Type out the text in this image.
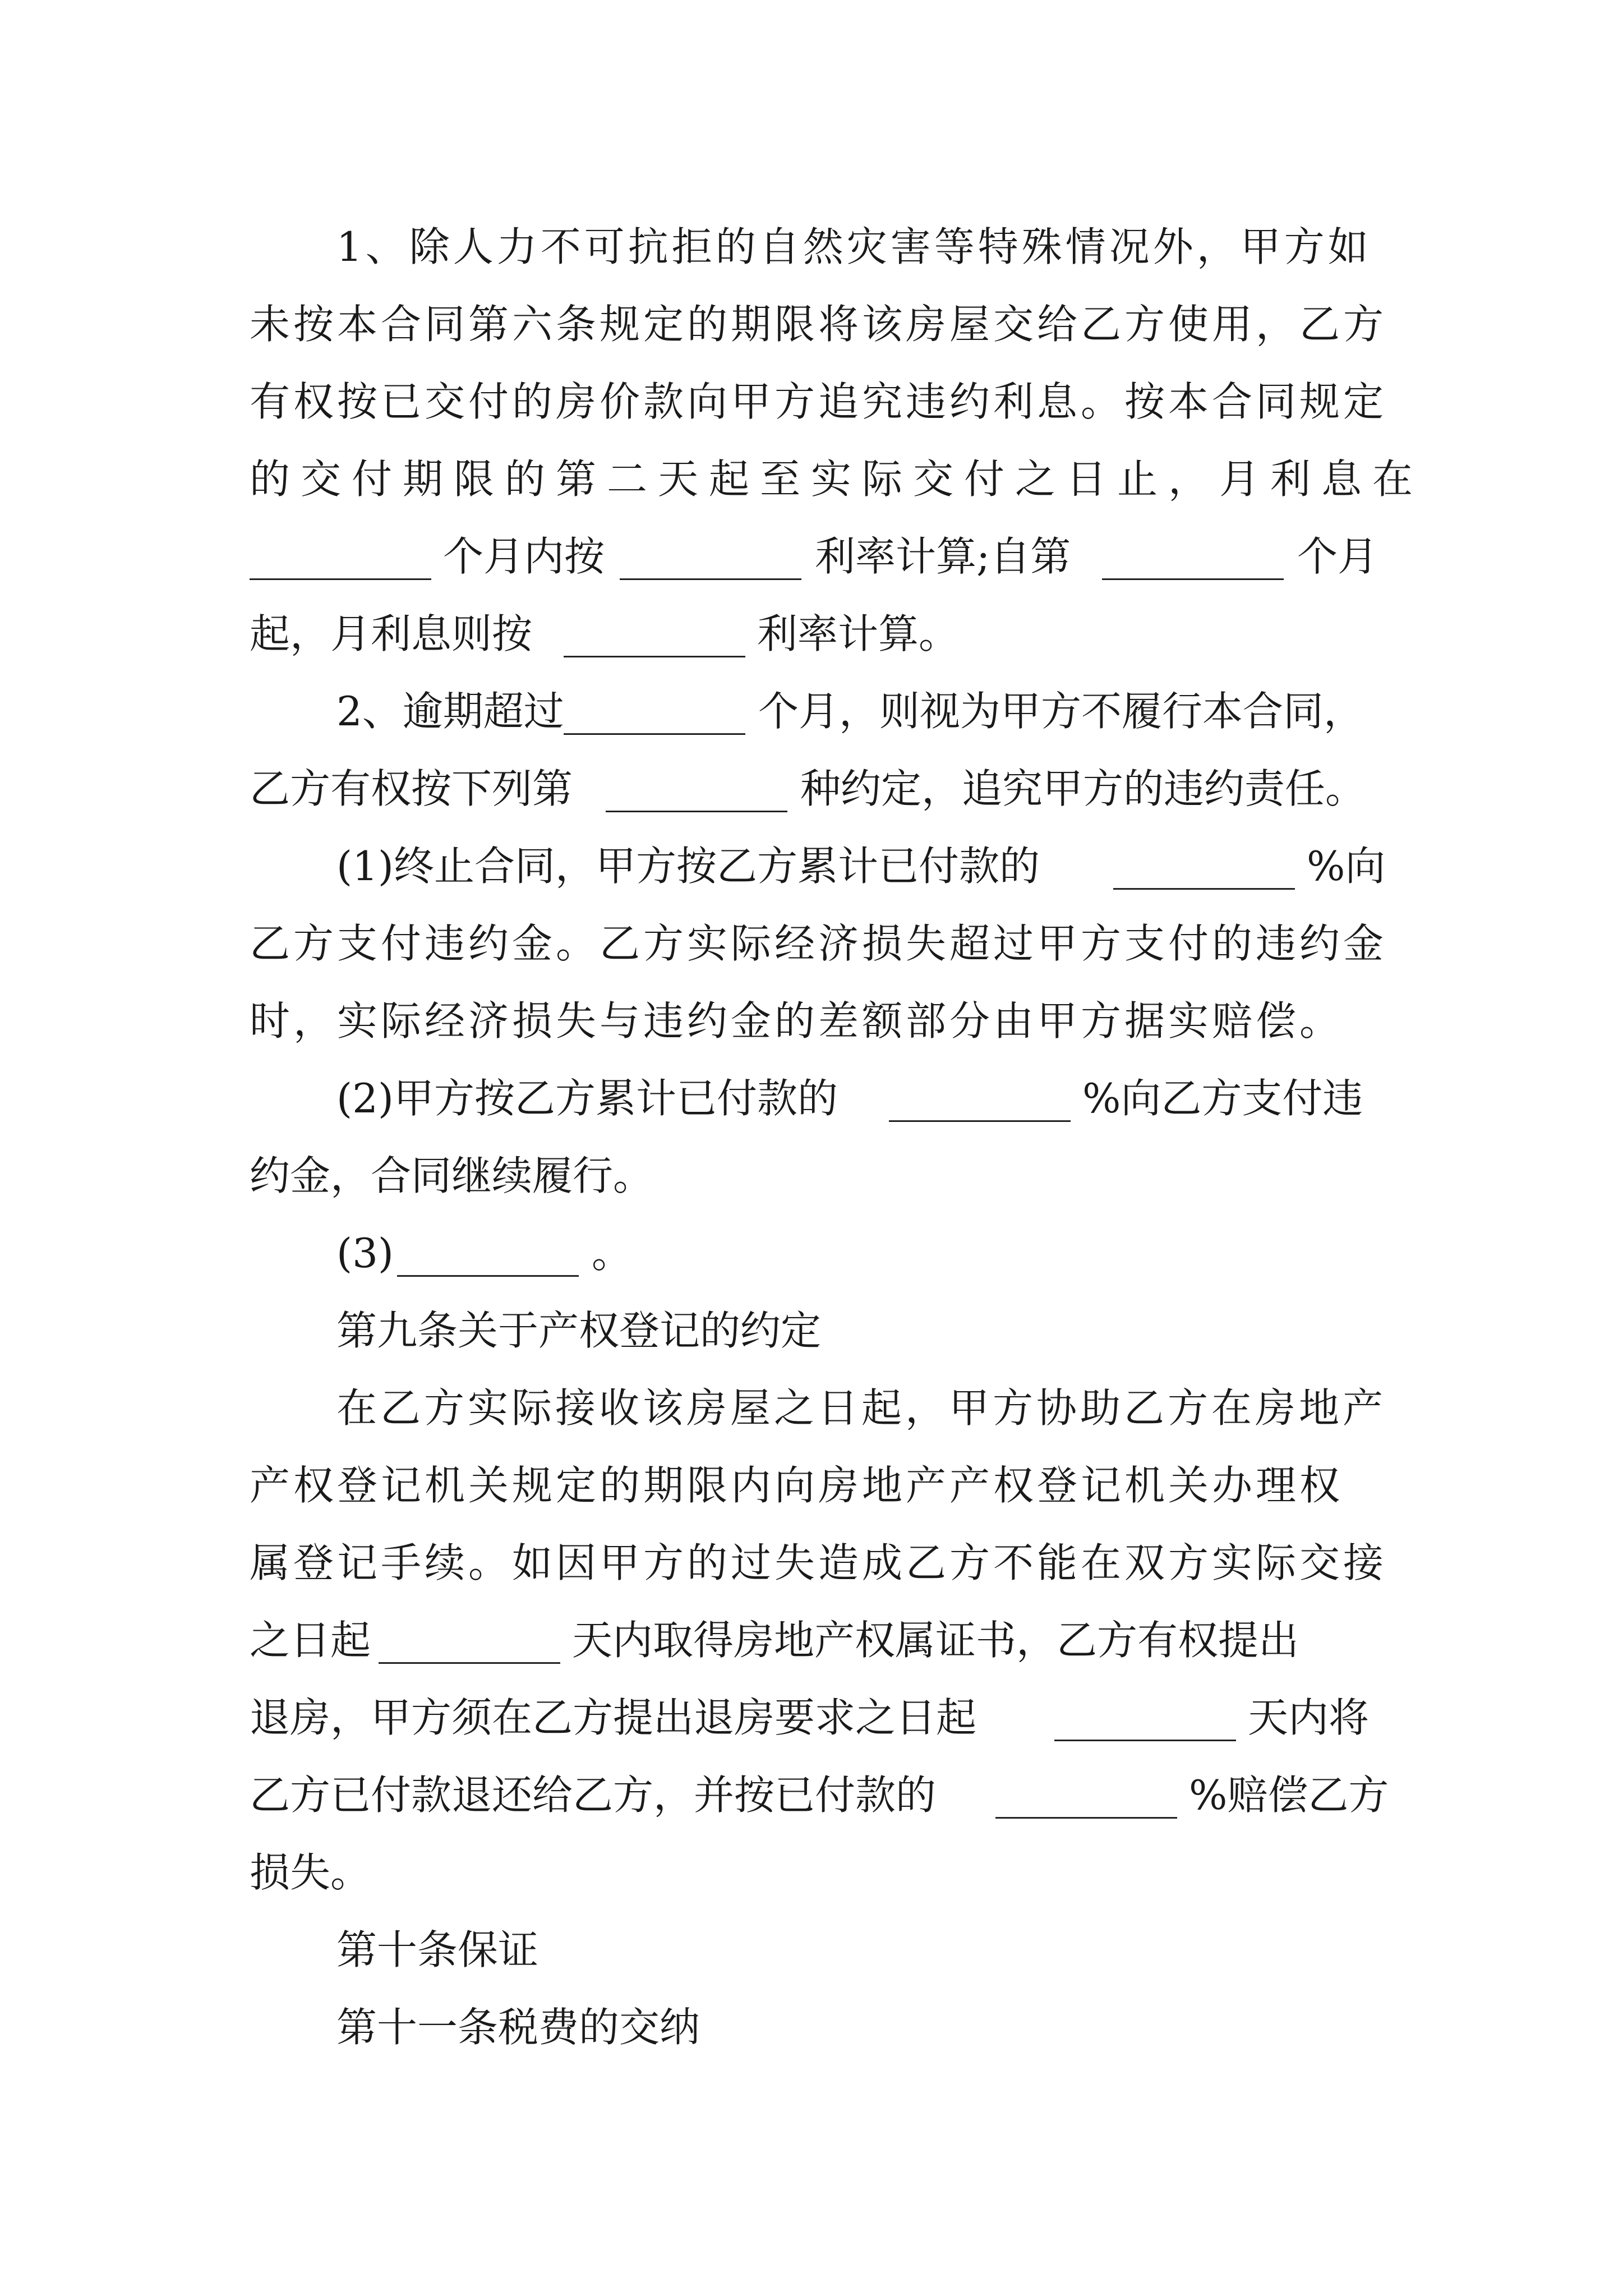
1、除人力不可抗拒的自然灾害等特殊情况外，甲方如
未按本合同第六条规定的期限将该房屋交给乙方使用，乙方
有权按已交付的房价款向甲方追究违约利息。按本合同规定
的交付期限的第二天起至实际交付之日止，月利息在
_________ 个月内按 _________ 利率计算;自第 _________ 个月
起，月利息则按 _________ 利率计算。
2、逾期超过 _________ 个月，则视为甲方不履行本合同，
乙方有权按下列第 _________ 种约定，追究甲方的违约责任。
(1)终止合同，甲方按乙方累计已付款的 _________ %向
乙方支付违约金。乙方实际经济损失超过甲方支付的违约金
时，实际经济损失与违约金的差额部分由甲方据实赔偿。
(2)甲方按乙方累计已付款的 _________ %向乙方支付违
约金，合同继续履行。
(3) _________ 。
第九条关于产权登记的约定
在乙方实际接收该房屋之日起，甲方协助乙方在房地产
产权登记机关规定的期限内向房地产产权登记机关办理权
属登记手续。如因甲方的过失造成乙方不能在双方实际交接
之日起 _________ 天内取得房地产权属证书，乙方有权提出
退房，甲方须在乙方提出退房要求之日起 _________ 天内将
乙方已付款退还给乙方，并按已付款的 _________ %赔偿乙方
损失。
第十条保证
第十一条税费的交纳
